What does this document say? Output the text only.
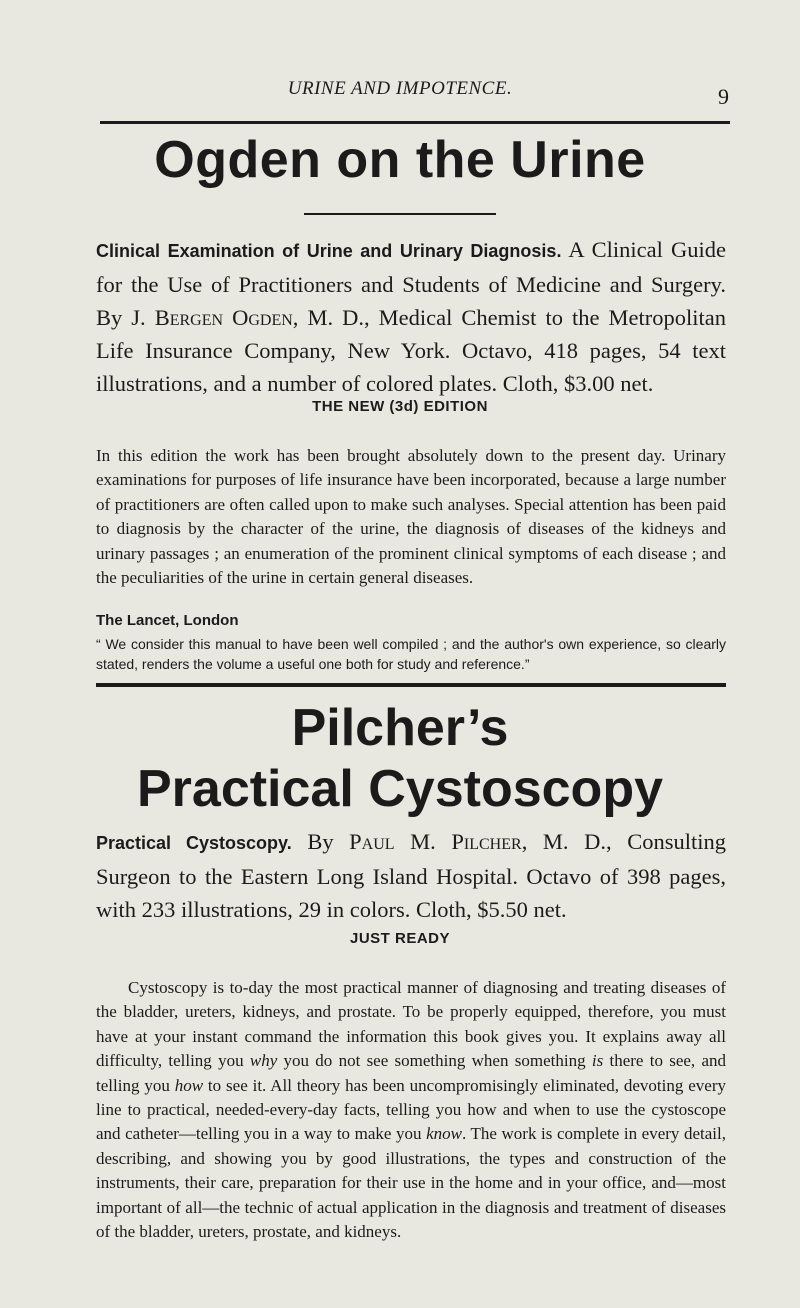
URINE AND IMPOTENCE.	9
Ogden on the Urine
Clinical Examination of Urine and Urinary Diagnosis. A Clinical Guide for the Use of Practitioners and Students of Medicine and Surgery. By J. Bergen Ogden, M. D., Medical Chemist to the Metropolitan Life Insurance Company, New York. Octavo, 418 pages, 54 text illustrations, and a number of colored plates. Cloth, $3.00 net.
THE NEW (3d) EDITION
In this edition the work has been brought absolutely down to the present day. Urinary examinations for purposes of life insurance have been incorporated, because a large number of practitioners are often called upon to make such analyses. Special attention has been paid to diagnosis by the character of the urine, the diagnosis of diseases of the kidneys and urinary passages ; an enumeration of the prominent clinical symptoms of each disease ; and the peculiarities of the urine in certain general diseases.
The Lancet, London
“ We consider this manual to have been well compiled ; and the author's own experience, so clearly stated, renders the volume a useful one both for study and reference.”
Pilcher’s
Practical Cystoscopy
Practical Cystoscopy. By Paul M. Pilcher, M. D., Consulting Surgeon to the Eastern Long Island Hospital. Octavo of 398 pages, with 233 illustrations, 29 in colors. Cloth, $5.50 net.
JUST READY
Cystoscopy is to-day the most practical manner of diagnosing and treating diseases of the bladder, ureters, kidneys, and prostate. To be properly equipped, therefore, you must have at your instant command the information this book gives you. It explains away all difficulty, telling you why you do not see something when something is there to see, and telling you how to see it. All theory has been uncompromisingly eliminated, devoting every line to practical, needed-every-day facts, telling you how and when to use the cystoscope and catheter—telling you in a way to make you know. The work is complete in every detail, describing, and showing you by good illustrations, the types and construction of the instruments, their care, preparation for their use in the home and in your office, and—most important of all—the technic of actual application in the diagnosis and treatment of diseases of the bladder, ureters, prostate, and kidneys.
